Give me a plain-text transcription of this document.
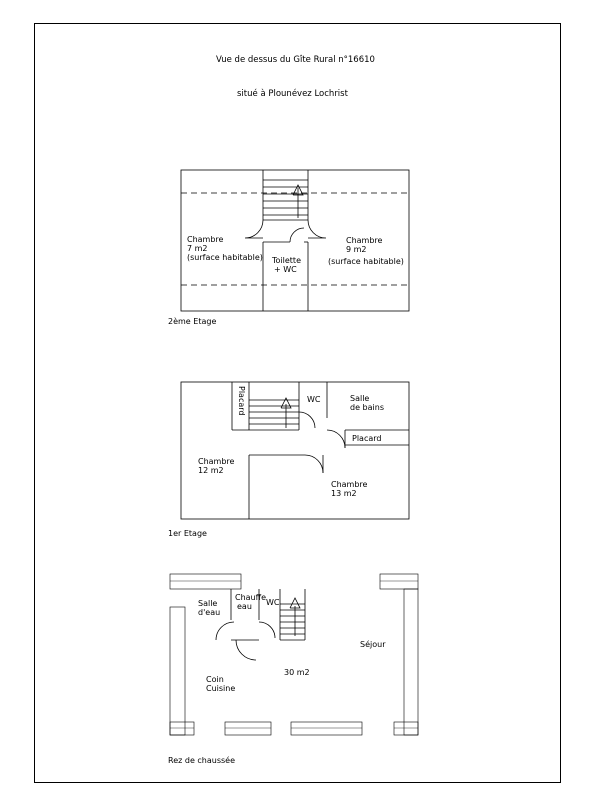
Vue de dessus du Gîte Rural n°16610
situé à Plounévez Lochrist
Chambre
7 m2
(surface habitable)
Chambre
9 m2
(surface habitable)
Toilette
+ WC
2ème Etage
Placard	WC	Salle
de bains
Placard
Chambre
12 m2
Chambre
13 m2
1er Etage
Salle
d'eau
Chauffe
eau WC
Séjour
30 m2
Coin
Cuisine
Rez de chaussée
